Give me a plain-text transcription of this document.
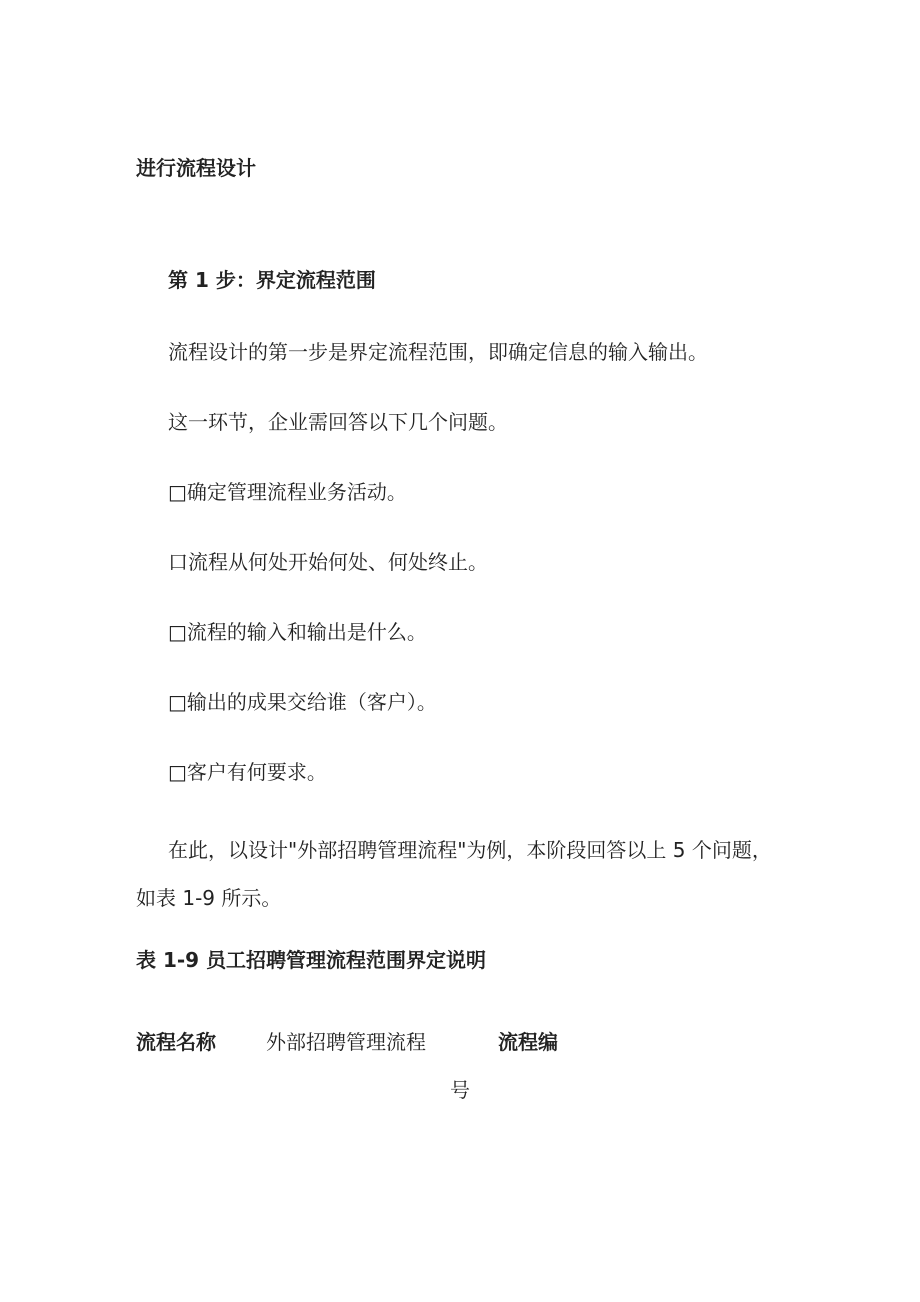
进行流程设计
第 1 步：界定流程范围
流程设计的第一步是界定流程范围，即确定信息的输入输出。
这一环节，企业需回答以下几个问题。
□确定管理流程业务活动。
口流程从何处开始何处、何处终止。
□流程的输入和输出是什么。
□输出的成果交给谁（客户）。
□客户有何要求。
在此，以设计"外部招聘管理流程"为例，本阶段回答以上 5 个问题，如表 1-9 所示。
表 1-9 员工招聘管理流程范围界定说明
流程名称	外部招聘管理流程	流程编
号
